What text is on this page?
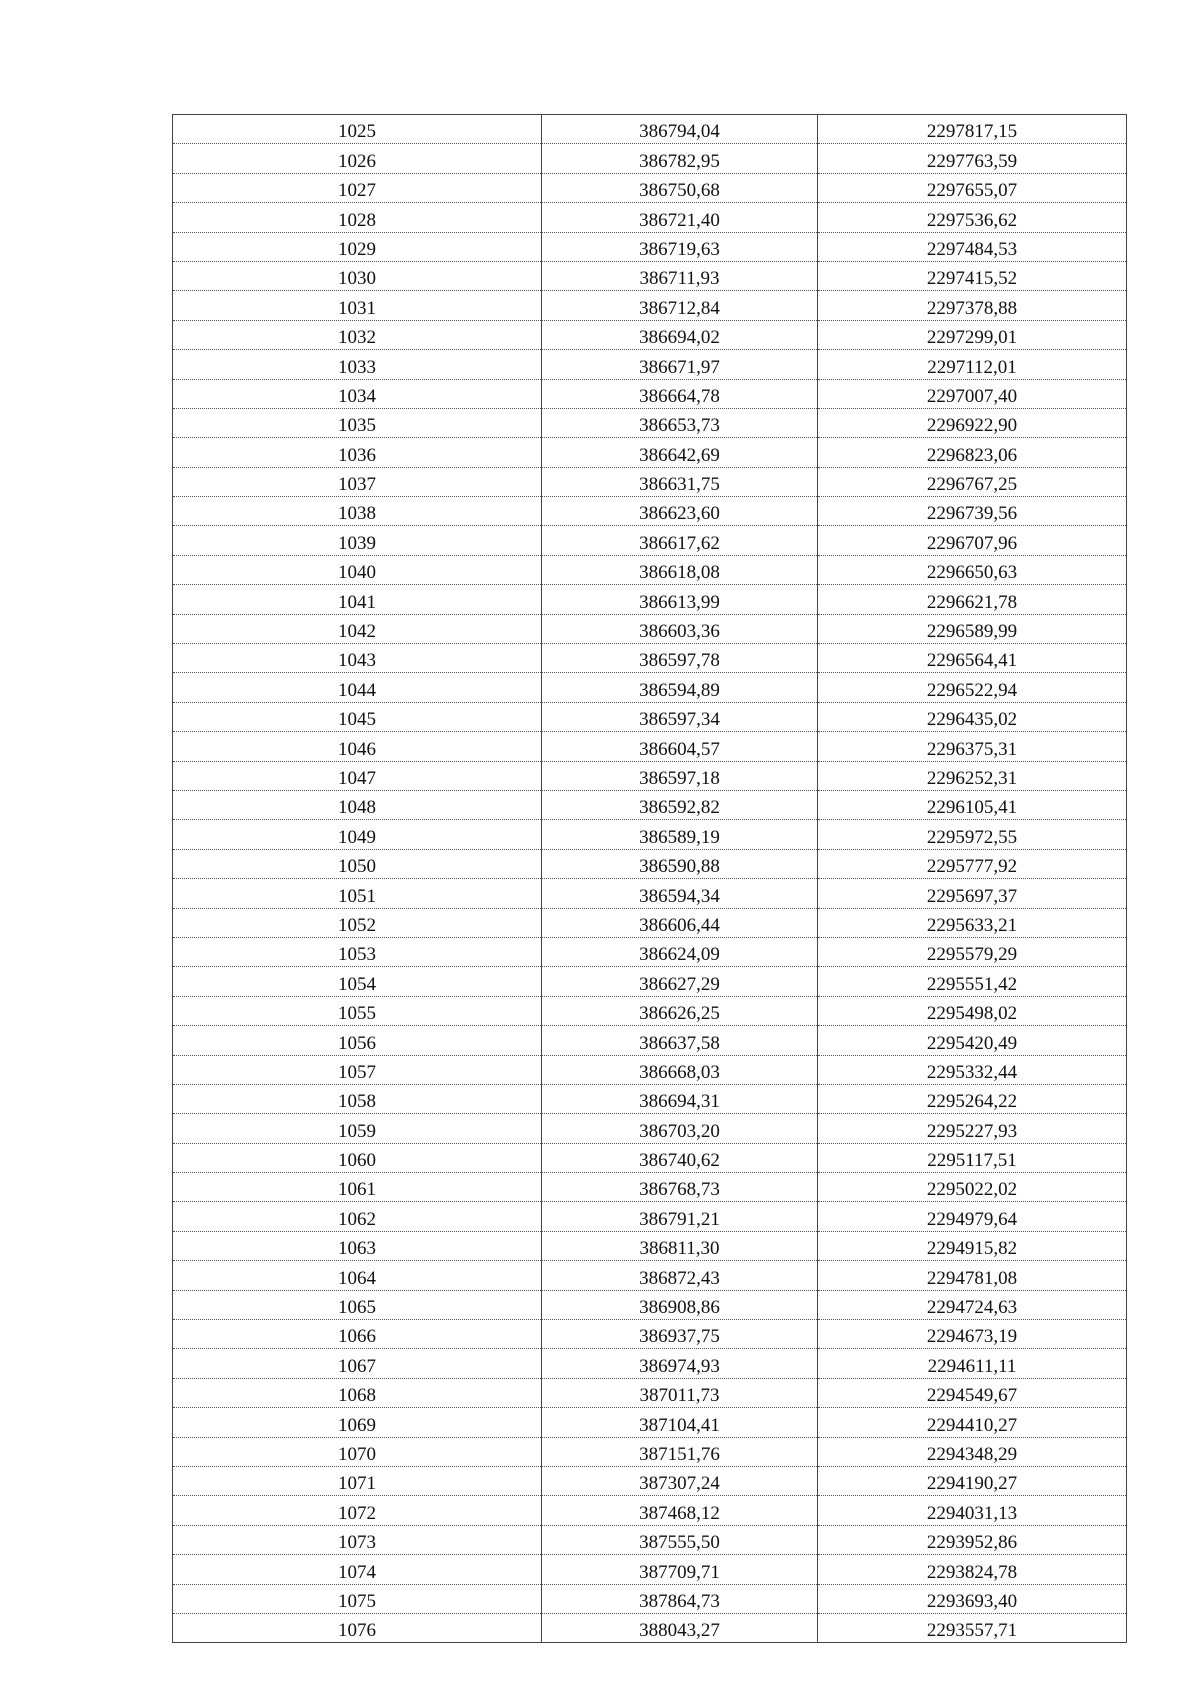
1025	386794,04	2297817,15
1026	386782,95	2297763,59
1027	386750,68	2297655,07
1028	386721,40	2297536,62
1029	386719,63	2297484,53
1030	386711,93	2297415,52
1031	386712,84	2297378,88
1032	386694,02	2297299,01
1033	386671,97	2297112,01
1034	386664,78	2297007,40
1035	386653,73	2296922,90
1036	386642,69	2296823,06
1037	386631,75	2296767,25
1038	386623,60	2296739,56
1039	386617,62	2296707,96
1040	386618,08	2296650,63
1041	386613,99	2296621,78
1042	386603,36	2296589,99
1043	386597,78	2296564,41
1044	386594,89	2296522,94
1045	386597,34	2296435,02
1046	386604,57	2296375,31
1047	386597,18	2296252,31
1048	386592,82	2296105,41
1049	386589,19	2295972,55
1050	386590,88	2295777,92
1051	386594,34	2295697,37
1052	386606,44	2295633,21
1053	386624,09	2295579,29
1054	386627,29	2295551,42
1055	386626,25	2295498,02
1056	386637,58	2295420,49
1057	386668,03	2295332,44
1058	386694,31	2295264,22
1059	386703,20	2295227,93
1060	386740,62	2295117,51
1061	386768,73	2295022,02
1062	386791,21	2294979,64
1063	386811,30	2294915,82
1064	386872,43	2294781,08
1065	386908,86	2294724,63
1066	386937,75	2294673,19
1067	386974,93	2294611,11
1068	387011,73	2294549,67
1069	387104,41	2294410,27
1070	387151,76	2294348,29
1071	387307,24	2294190,27
1072	387468,12	2294031,13
1073	387555,50	2293952,86
1074	387709,71	2293824,78
1075	387864,73	2293693,40
1076	388043,27	2293557,71
